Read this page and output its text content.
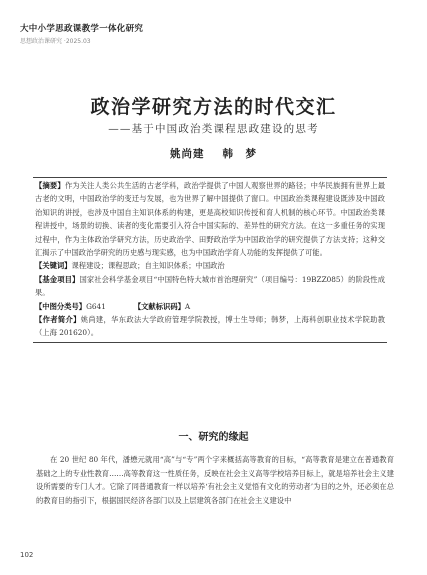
大中小学思政课教学一体化研究
思想政治课研究 ·2025.03
政治学研究方法的时代交汇
——基于中国政治类课程思政建设的思考
姚尚建 韩　梦
【摘要】作为关注人类公共生活的古老学科，政治学提供了中国人观察世界的路径；中华民族拥有世界上最古老的文明，中国政治学的变迁与发展，也为世界了解中国提供了窗口。中国政治类课程建设既涉及中国政治知识的讲授，也涉及中国自主知识体系的构建，更是高校知识传授和育人机制的核心环节。中国政治类课程讲授中，场景的切换、读者的变化需要引入符合中国实际的、差异性的研究方法。在这一多重任务的实现过程中，作为主体政治学研究方法，历史政治学、田野政治学为中国政治学的研究提供了方法支持；这种交汇揭示了中国政治学研究的历史感与现实感，也为中国政治学育人功能的发挥提供了可能。
【关键词】课程建设；课程思政；自主知识体系；中国政治
【基金项目】国家社会科学基金项目“中国特色特大城市首治理研究”（项目编号：19BZZ085）的阶段性成果。
【中图分类号】 G641	【文献标识码】 A
【作者简介】姚尚建，华东政法大学政府管理学院教授，博士生导师；韩梦，上海科创职业技术学院助教（上海 201620）。
一、研究的缘起
在 20 世纪 80 年代，潘懋元就用“高”与“专”两个字来概括高等教育的目标，“高等教育是建立在普通教育基础之上的专业性教育……高等教育这一性质任务，反映在社会主义高等学校培养目标上，就是培养社会主义建设所需要的专门人才。它除了同普通教育一样以培养‘有社会主义觉悟有文化的劳动者’为目的之外，还必须在总的教育目的指引下，根据国民经济各部门以及上层建筑各部门在社会主义建设中
102
